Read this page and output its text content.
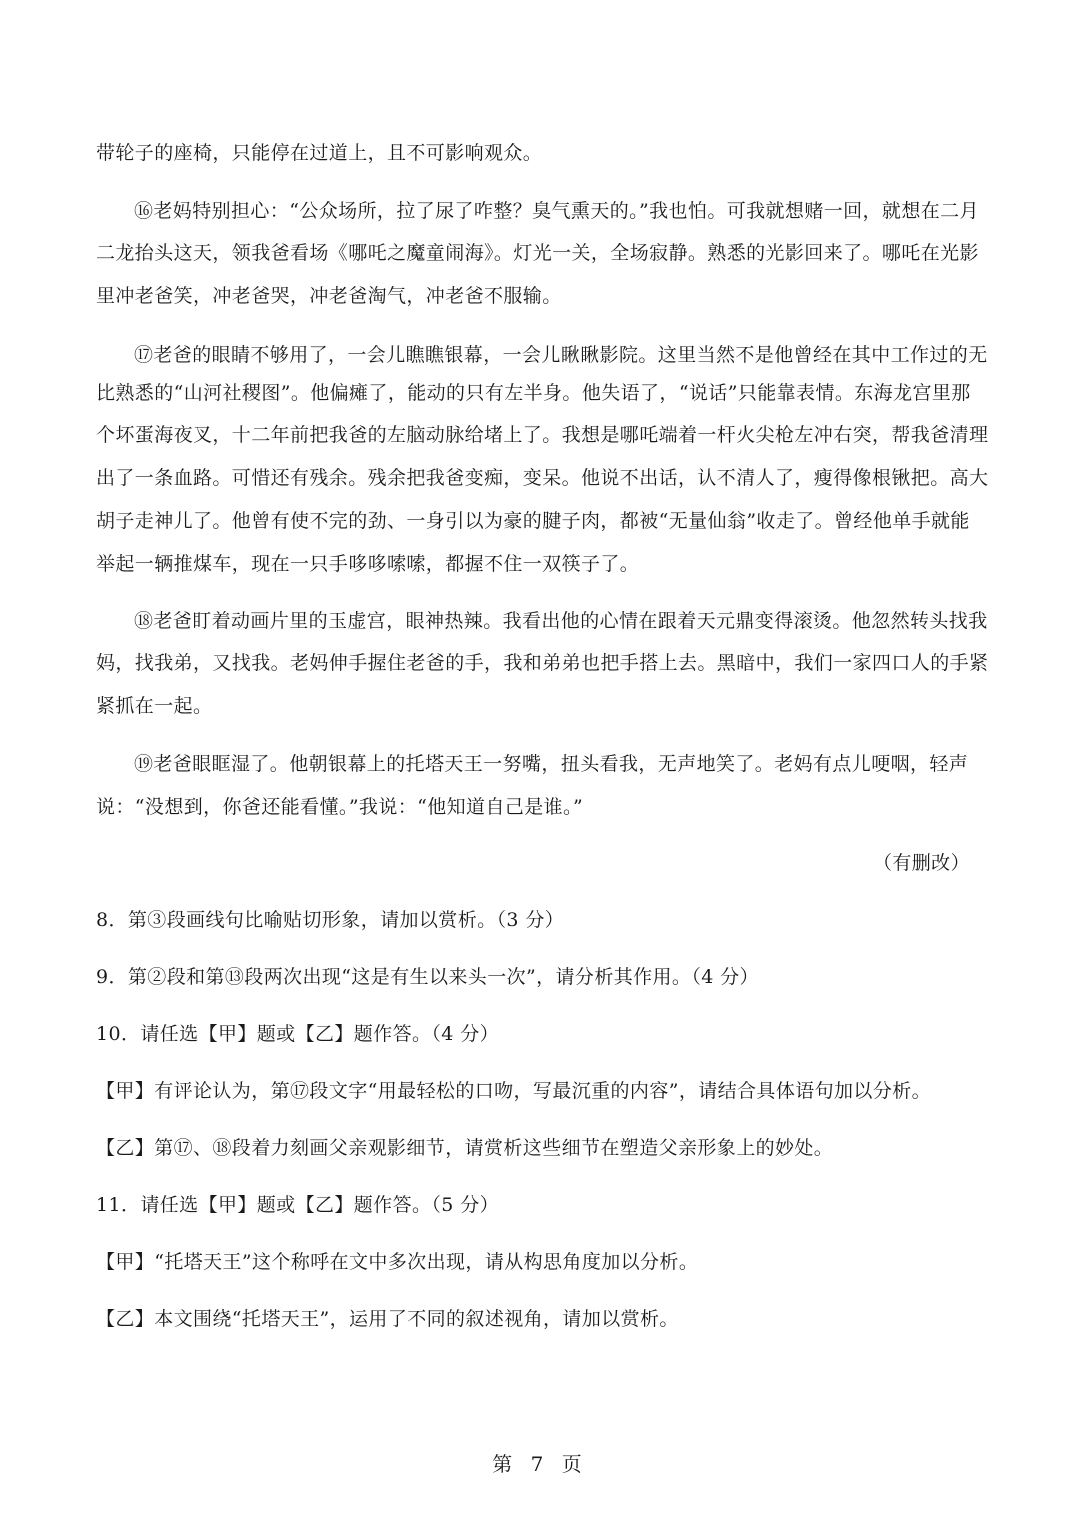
带轮子的座椅，只能停在过道上，且不可影响观众。
⑯老妈特别担心：“公众场所，拉了尿了咋整？臭气熏天的。”我也怕。可我就想赌一回，就想在二月
二龙抬头这天，领我爸看场《哪吒之魔童闹海》。灯光一关，全场寂静。熟悉的光影回来了。哪吒在光影
里冲老爸笑，冲老爸哭，冲老爸淘气，冲老爸不服输。
⑰老爸的眼睛不够用了，一会儿瞧瞧银幕，一会儿瞅瞅影院。这里当然不是他曾经在其中工作过的无
比熟悉的“山河社稷图”。他偏瘫了，能动的只有左半身。他失语了，“说话”只能靠表情。东海龙宫里那
个坏蛋海夜叉，十二年前把我爸的左脑动脉给堵上了。我想是哪吒端着一杆火尖枪左冲右突，帮我爸清理
出了一条血路。可惜还有残余。残余把我爸变痴，变呆。他说不出话，认不清人了，瘦得像根锹把。高大
胡子走神儿了。他曾有使不完的劲、一身引以为豪的腱子肉，都被“无量仙翁”收走了。曾经他单手就能
举起一辆推煤车，现在一只手哆哆嗦嗦，都握不住一双筷子了。
⑱老爸盯着动画片里的玉虚宫，眼神热辣。我看出他的心情在跟着天元鼎变得滚烫。他忽然转头找我
妈，找我弟，又找我。老妈伸手握住老爸的手，我和弟弟也把手搭上去。黑暗中，我们一家四口人的手紧
紧抓在一起。
⑲老爸眼眶湿了。他朝银幕上的托塔天王一努嘴，扭头看我，无声地笑了。老妈有点儿哽咽，轻声
说：“没想到，你爸还能看懂。”我说：“他知道自己是谁。”
（有删改）
8．第③段画线句比喻贴切形象，请加以赏析。（3 分）
9．第②段和第⑬段两次出现“这是有生以来头一次”，请分析其作用。（4 分）
10．请任选【甲】题或【乙】题作答。（4 分）
【甲】有评论认为，第⑰段文字“用最轻松的口吻，写最沉重的内容”，请结合具体语句加以分析。
【乙】第⑰、⑱段着力刻画父亲观影细节，请赏析这些细节在塑造父亲形象上的妙处。
11．请任选【甲】题或【乙】题作答。（5 分）
【甲】“托塔天王”这个称呼在文中多次出现，请从构思角度加以分析。
【乙】本文围绕“托塔天王”，运用了不同的叙述视角，请加以赏析。
第 7 页
